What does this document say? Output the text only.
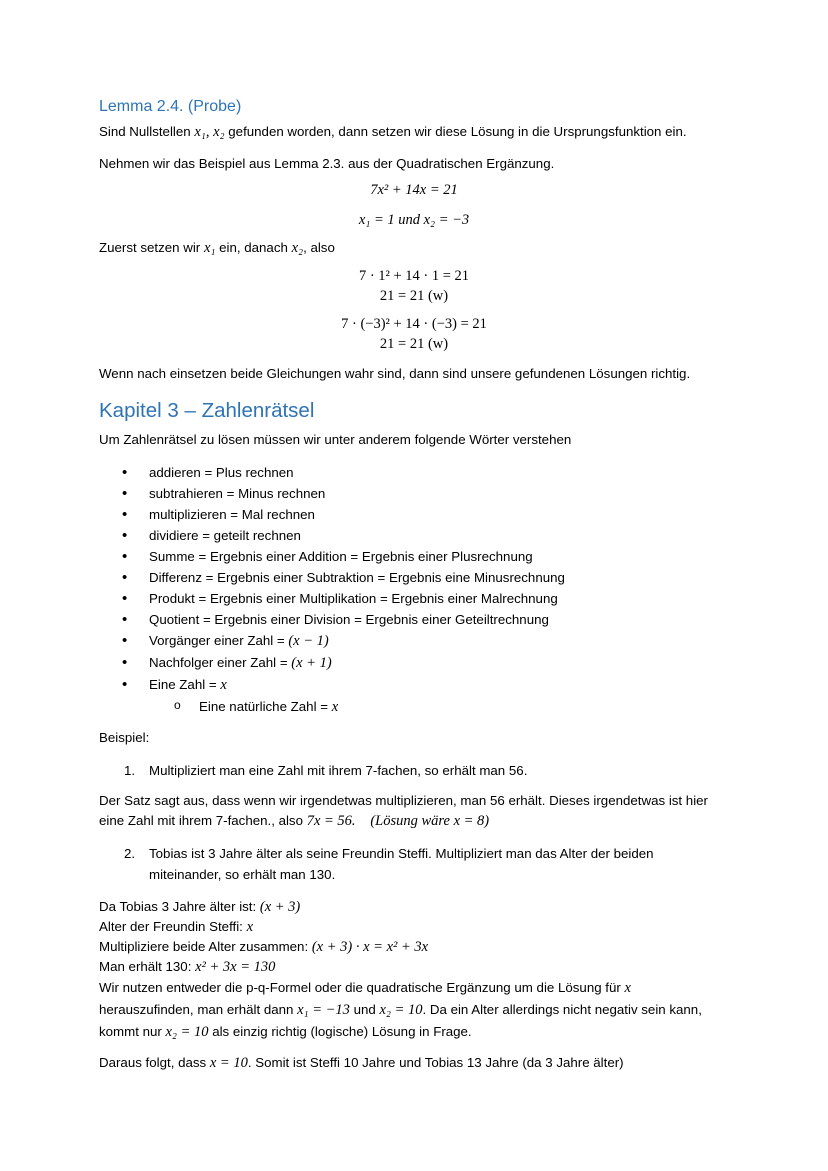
Lemma 2.4. (Probe)

Sind Nullstellen x₁, x₂ gefunden worden, dann setzen wir diese Lösung in die Ursprungsfunktion ein.

Nehmen wir das Beispiel aus Lemma 2.3. aus der Quadratischen Ergänzung.

7x² + 14x = 21
x₁ = 1 und x₂ = −3

Zuerst setzen wir x₁ ein, danach x₂, also

7 · 1² + 14 · 1 = 21
21 = 21 (w)
7 · (−3)² + 14 · (−3) = 21
21 = 21 (w)

Wenn nach einsetzen beide Gleichungen wahr sind, dann sind unsere gefundenen Lösungen richtig.

Kapitel 3 – Zahlenrätsel

Um Zahlenrätsel zu lösen müssen wir unter anderem folgende Wörter verstehen

• addieren = Plus rechnen
• subtrahieren = Minus rechnen
• multiplizieren = Mal rechnen
• dividiere = geteilt rechnen
• Summe = Ergebnis einer Addition = Ergebnis einer Plusrechnung
• Differenz = Ergebnis einer Subtraktion = Ergebnis eine Minusrechnung
• Produkt = Ergebnis einer Multiplikation = Ergebnis einer Malrechnung
• Quotient = Ergebnis einer Division = Ergebnis einer Geteiltrechnung
• Vorgänger einer Zahl = (x − 1)
• Nachfolger einer Zahl = (x + 1)
• Eine Zahl = x
o Eine natürliche Zahl = x

Beispiel:

1. Multipliziert man eine Zahl mit ihrem 7-fachen, so erhält man 56.

Der Satz sagt aus, dass wenn wir irgendetwas multiplizieren, man 56 erhält. Dieses irgendetwas ist hier eine Zahl mit ihrem 7-fachen., also 7x = 56. (Lösung wäre x = 8)

2. Tobias ist 3 Jahre älter als seine Freundin Steffi. Multipliziert man das Alter der beiden miteinander, so erhält man 130.
Da Tobias 3 Jahre älter ist: (x + 3)
Alter der Freundin Steffi: x
Multipliziere beide Alter zusammen: (x + 3) · x = x² + 3x
Man erhält 130: x² + 3x = 130
Wir nutzen entweder die p-q-Formel oder die quadratische Ergänzung um die Lösung für x herauszufinden, man erhält dann x₁ = −13 und x₂ = 10. Da ein Alter allerdings nicht negativ sein kann, kommt nur x₂ = 10 als einzig richtig (logische) Lösung in Frage.

Daraus folgt, dass x = 10. Somit ist Steffi 10 Jahre und Tobias 13 Jahre (da 3 Jahre älter)
